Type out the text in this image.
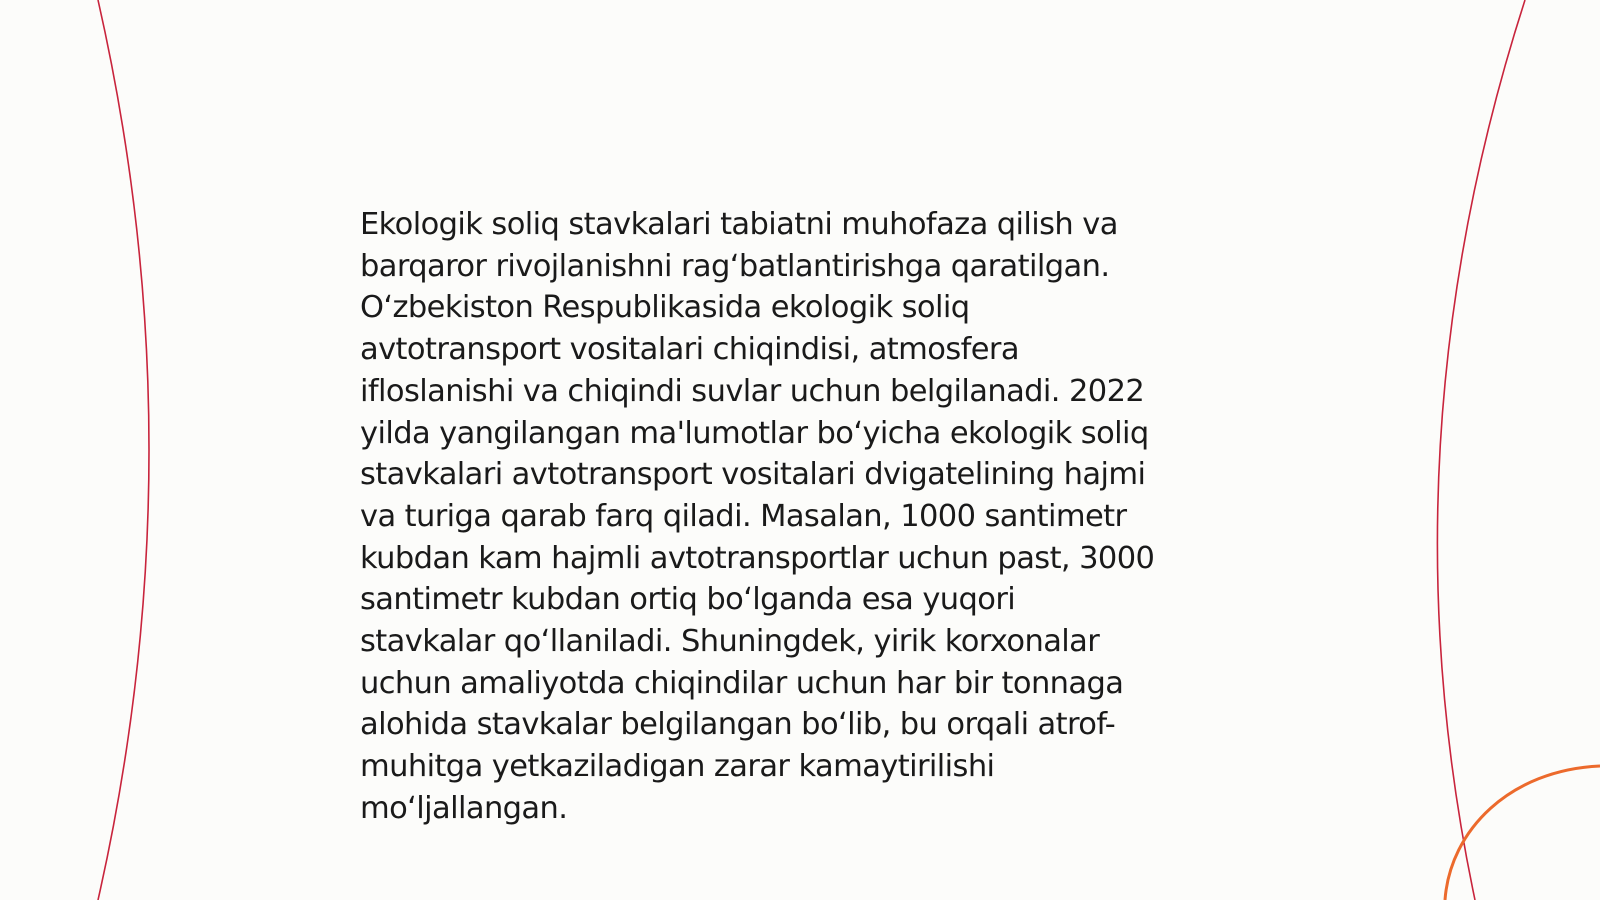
Ekologik soliq stavkalari tabiatni muhofaza qilish va
barqaror rivojlanishni ragʻbatlantirishga qaratilgan.
Oʻzbekiston Respublikasida ekologik soliq
avtotransport vositalari chiqindisi, atmosfera
ifloslanishi va chiqindi suvlar uchun belgilanadi. 2022
yilda yangilangan ma'lumotlar boʻyicha ekologik soliq
stavkalari avtotransport vositalari dvigatelining hajmi
va turiga qarab farq qiladi. Masalan, 1000 santimetr
kubdan kam hajmli avtotransportlar uchun past, 3000
santimetr kubdan ortiq boʻlganda esa yuqori
stavkalar qoʻllaniladi. Shuningdek, yirik korxonalar
uchun amaliyotda chiqindilar uchun har bir tonnaga
alohida stavkalar belgilangan boʻlib, bu orqali atrof-
muhitga yetkaziladigan zarar kamaytirilishi
moʻljallangan.
